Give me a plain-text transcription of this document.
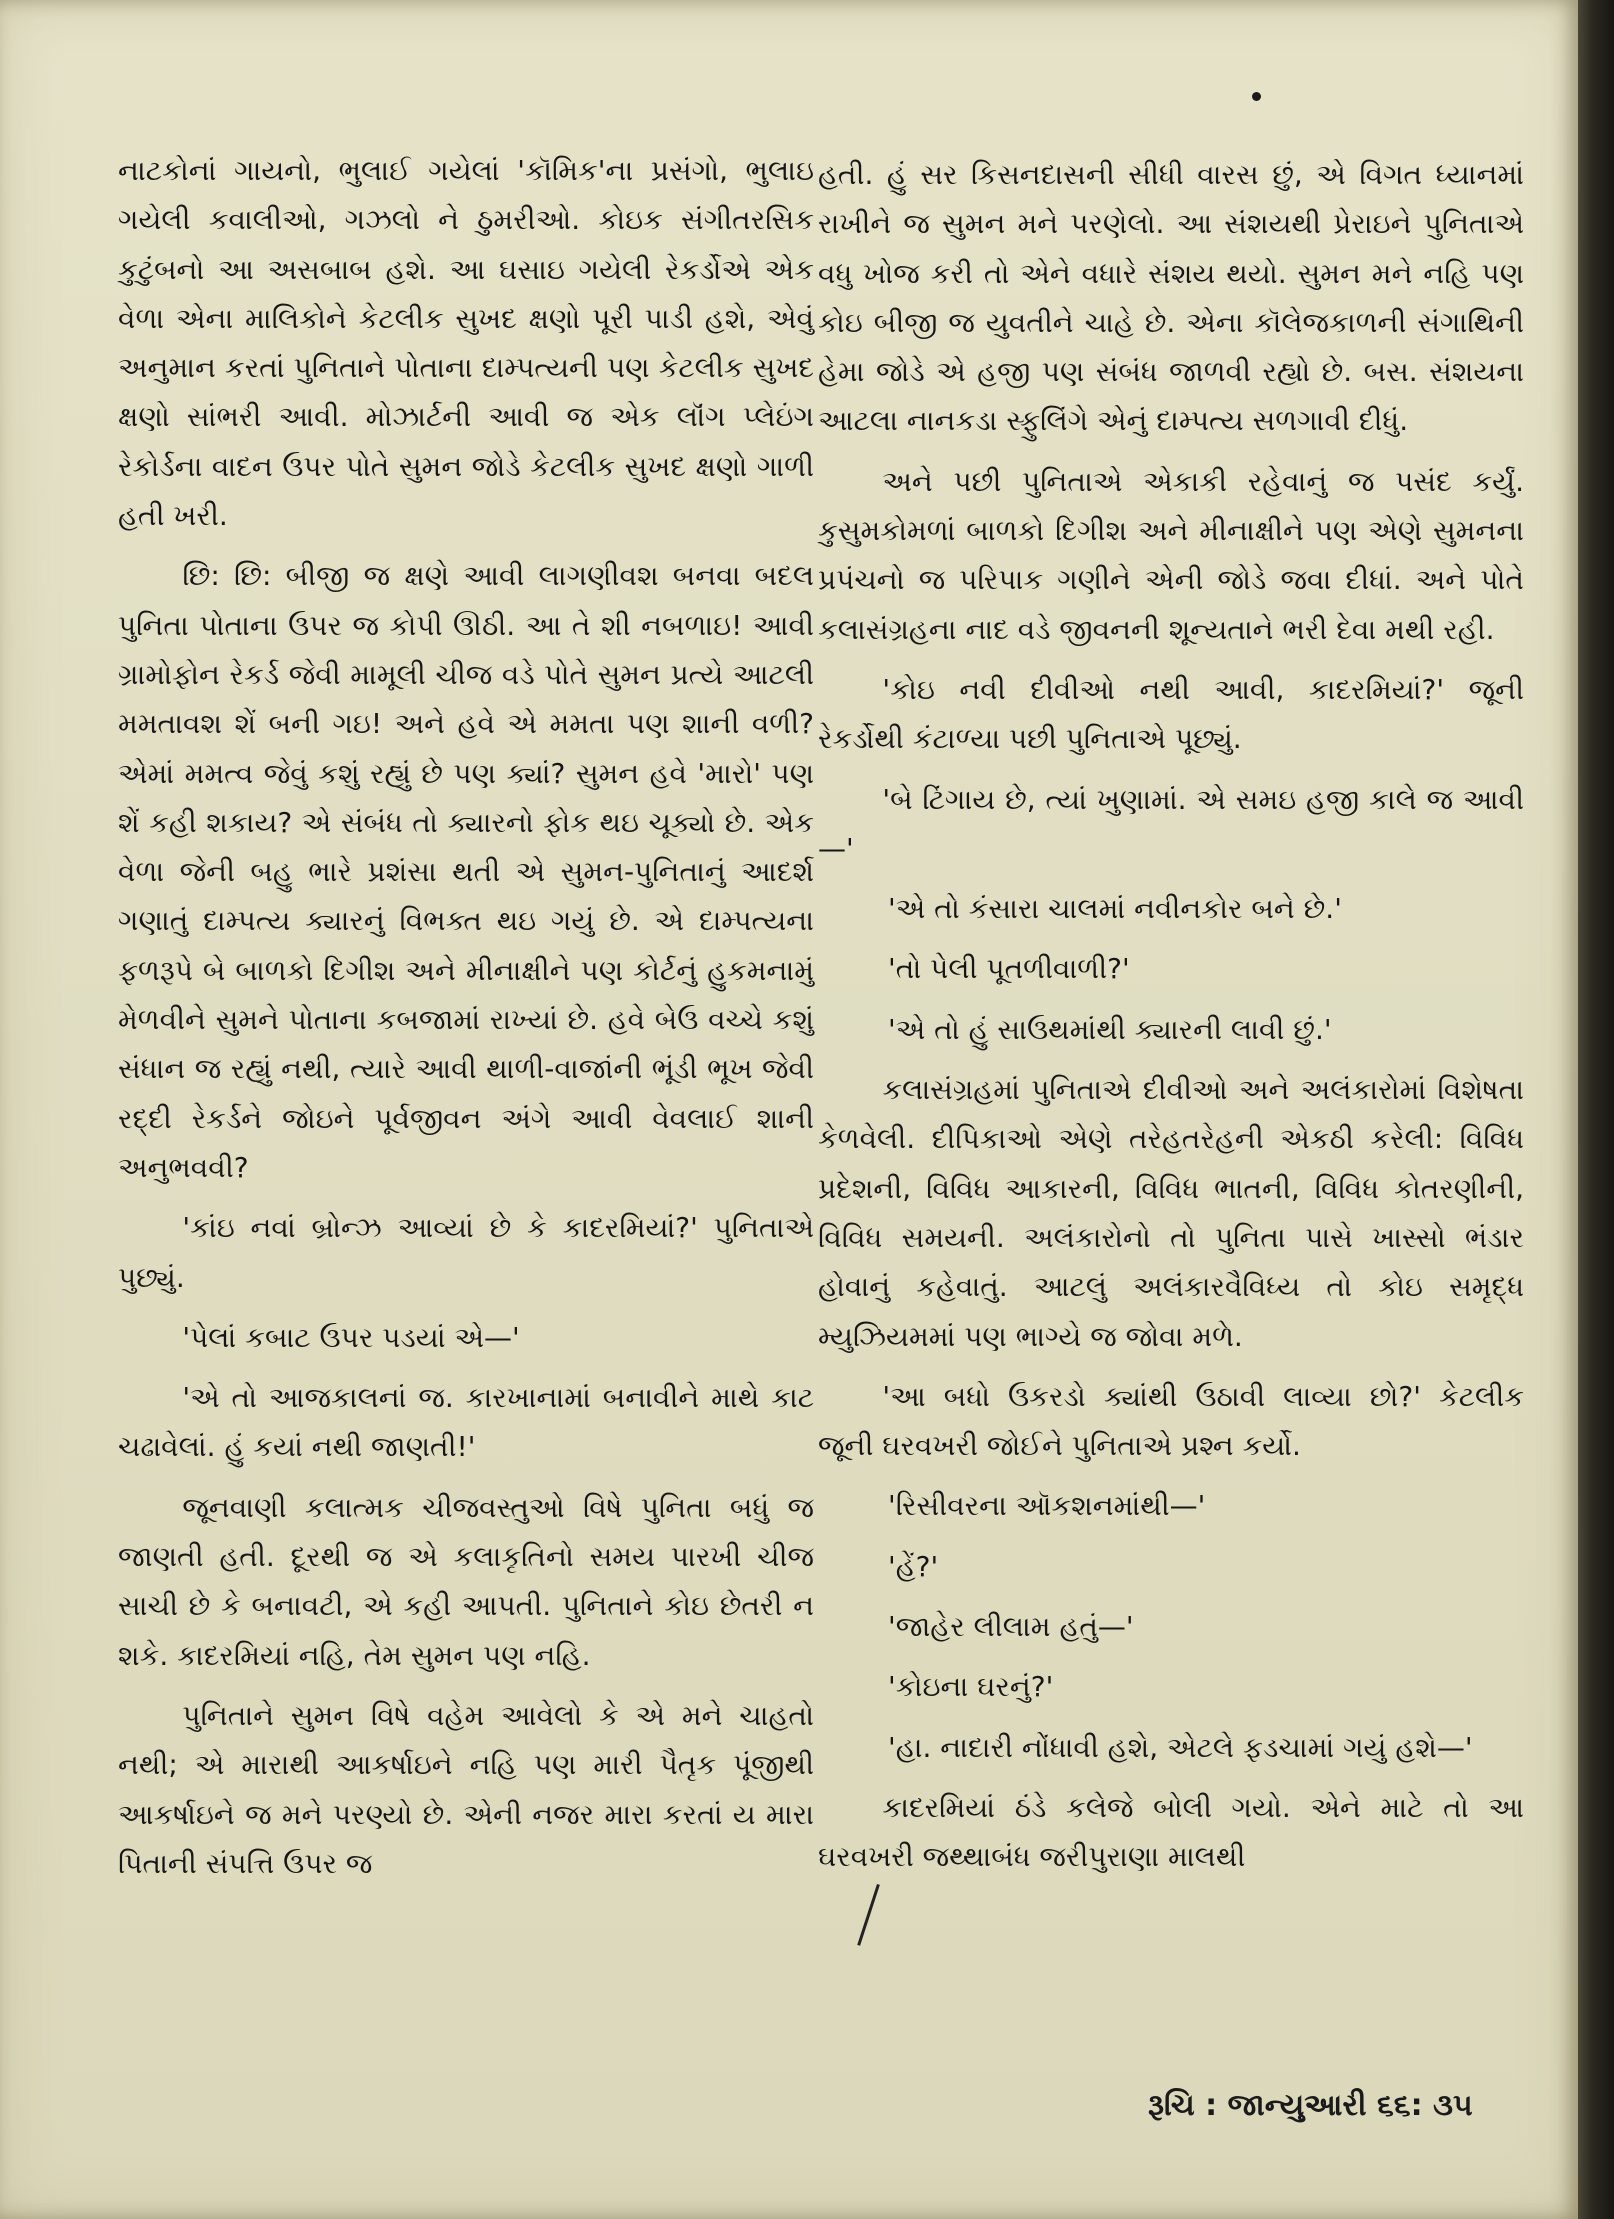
નાટકોનાં ગાયનો, ભુલાઈ ગયેલાં 'કૉમિક'ના પ્રસંગો, ભુલાઇ ગયેલી કવાલીઓ, ગઝલો ને ઠુમરીઓ. કોઇક સંગીતરસિક કુટુંબનો આ અસબાબ હશે. આ ઘસાઇ ગયેલી રેકર્ડોએ એક વેળા એના માલિકોને કેટલીક સુખદ ક્ષણો પૂરી પાડી હશે, એવું અનુમાન કરતાં પુનિતાને પોતાના દામ્પત્યની પણ કેટલીક સુખદ ક્ષણો સાંભરી આવી. મોઝાર્ટની આવી જ એક લૉંગ પ્લેઇંગ રેકોર્ડના વાદન ઉપર પોતે સુમન જોડે કેટલીક સુખદ ક્ષણો ગાળી હતી ખરી.

છિ: છિ: બીજી જ ક્ષણે આવી લાગણીવશ બનવા બદલ પુનિતા પોતાના ઉપર જ કોપી ઊઠી. આ તે શી નબળાઇ! આવી ગ્રામોફોન રેકર્ડ જેવી મામૂલી ચીજ વડે પોતે સુમન પ્રત્યે આટલી મમતાવશ શેં બની ગઇ! અને હવે એ મમતા પણ શાની વળી? એમાં મમત્વ જેવું કશું રહ્યું છે પણ ક્યાં? સુમન હવે 'મારો' પણ શેં કહી શકાય? એ સંબંધ તો ક્યારનો ફોક થઇ ચૂક્યો છે. એક વેળા જેની બહુ ભારે પ્રશંસા થતી એ સુમન-પુનિતાનું આદર્શ ગણાતું દામ્પત્ય ક્યારનું વિભક્ત થઇ ગયું છે. એ દામ્પત્યના ફળરૂપે બે બાળકો દિગીશ અને મીનાક્ષીને પણ કોર્ટનું હુકમનામું મેળવીને સુમને પોતાના કબજામાં રાખ્યાં છે. હવે બેઉ વચ્ચે કશું સંધાન જ રહ્યું નથી, ત્યારે આવી થાળી-વાજાંની ભૂંડી ભૂખ જેવી રદ્દી રેકર્ડને જોઇને પૂર્વજીવન અંગે આવી વેવલાઈ શાની અનુભવવી?

'કાંઇ નવાં બ્રોન્ઝ આવ્યાં છે કે કાદરમિયાં?' પુનિતાએ પુછ્યું.

'પેલાં કબાટ ઉપર પડયાં એ—'

'એ તો આજકાલનાં જ. કારખાનામાં બનાવીને માથે કાટ ચઢાવેલાં. હું કયાં નથી જાણતી!'

જૂનવાણી કલાત્મક ચીજવસ્તુઓ વિષે પુનિતા બધું જ જાણતી હતી. દૂરથી જ એ કલાકૃતિનો સમય પારખી ચીજ સાચી છે કે બનાવટી, એ કહી આપતી. પુનિતાને કોઇ છેતરી ન શકે. કાદરમિયાં નહિ, તેમ સુમન પણ નહિ.

પુનિતાને સુમન વિષે વહેમ આવેલો કે એ મને ચાહતો નથી; એ મારાથી આકર્ષાઇને નહિ પણ મારી પૈતૃક પૂંજીથી આકર્ષાઇને જ મને પરણ્યો છે. એની નજર મારા કરતાં ય મારા પિતાની સંપત્તિ ઉપર જ

હતી. હું સર કિસનદાસની સીધી વારસ છું, એ વિગત ધ્યાનમાં રાખીને જ સુમન મને પરણેલો. આ સંશયથી પ્રેરાઇને પુનિતાએ વધુ ખોજ કરી તો એને વધારે સંશય થયો. સુમન મને નહિ પણ કોઇ બીજી જ યુવતીને ચાહે છે. એના કૉલેજકાળની સંગાથિની હેમા જોડે એ હજી પણ સંબંધ જાળવી રહ્યો છે. બસ. સંશયના આટલા નાનકડા સ્ફુલિંગે એનું દામ્પત્ય સળગાવી દીધું.

અને પછી પુનિતાએ એકાકી રહેવાનું જ પસંદ કર્યું. કુસુમકોમળાં બાળકો દિગીશ અને મીનાક્ષીને પણ એણે સુમનના પ્રપંચનો જ પરિપાક ગણીને એની જોડે જવા દીધાં. અને પોતે કલાસંગ્રહના નાદ વડે જીવનની શૂન્યતાને ભરી દેવા મથી રહી.

'કોઇ નવી દીવીઓ નથી આવી, કાદરમિયાં?' જૂની રેકર્ડોથી કંટાળ્યા પછી પુનિતાએ પૂછ્યું.

'બે ટિંગાય છે, ત્યાં ખુણામાં. એ સમઇ હજી કાલે જ આવી—'

'એ તો કંસારા ચાલમાં નવીનકોર બને છે.'

'તો પેલી પૂતળીવાળી?'

'એ તો હું સાઉથમાંથી ક્યારની લાવી છું.'

કલાસંગ્રહમાં પુનિતાએ દીવીઓ અને અલંકારોમાં વિશેષતા કેળવેલી. દીપિકાઓ એણે તરેહતરેહની એકઠી કરેલી: વિવિધ પ્રદેશની, વિવિધ આકારની, વિવિધ ભાતની, વિવિધ કોતરણીની, વિવિધ સમયની. અલંકારોનો તો પુનિતા પાસે ખાસ્સો ભંડાર હોવાનું કહેવાતું. આટલું અલંકારવૈવિધ્ય તો કોઇ સમૃદ્ધ મ્યુઝિયમમાં પણ ભાગ્યે જ જોવા મળે.

'આ બધો ઉકરડો ક્યાંથી ઉઠાવી લાવ્યા છો?' કેટલીક જૂની ઘરવખરી જોઈને પુનિતાએ પ્રશ્ન કર્યો.

'રિસીવરના ઑકશનમાંથી—'

'હેં?'

'જાહેર લીલામ હતું—'

'કોઇના ઘરનું?'

'હા. નાદારી નોંધાવી હશે, એટલે ફડચામાં ગયું હશે—'

કાદરમિયાં ઠંડે કલેજે બોલી ગયો. એને માટે તો આ ઘરવખરી જથ્થાબંધ જરીપુરાણા માલથી

રૂચિ : જાન્યુઆરી ૬૬: ૩૫
